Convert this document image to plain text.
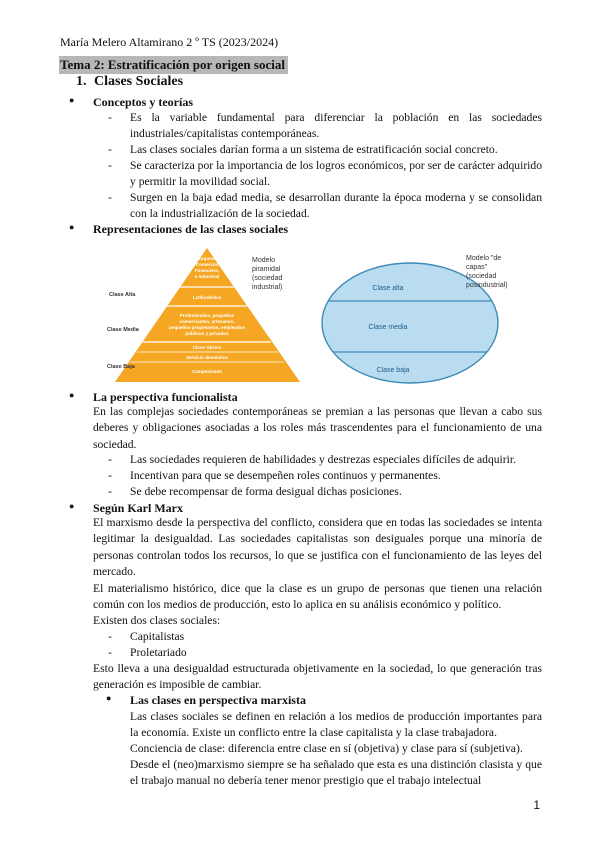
María Melero Altamirano 2 º TS (2023/2024)
Tema 2: Estratificación por origen social
1. Clases Sociales
● Conceptos y teorías
- Es la variable fundamental para diferenciar la población en las sociedades industriales/capitalistas contemporáneas.
- Las clases sociales darían forma a un sistema de estratificación social concreto.
- Se caracteriza por la importancia de los logros económicos, por ser de carácter adquirido y permitir la movilidad social.
- Surgen en la baja edad media, se desarrollan durante la época moderna y se consolidan con la industrialización de la sociedad.
● Representaciones de las clases sociales
Burguesía
Comercial
Financiera,
e industrial
Latifundistas
Profesionales, pequeños
comerciantes, artesanos,
pequeños propietarios, empleados
públicos y privados
Clase Obrera
Servicio doméstico
Campesinado
Clase Alta
Clase Media
Clase Baja
Modelo
piramidal
(sociedad
industrial)	Clase alta
Clase media
Clase baja
Modelo "de
capas"
(sociedad
posindustrial)
● La perspectiva funcionalista
En las complejas sociedades contemporáneas se premian a las personas que llevan a cabo sus deberes y obligaciones asociadas a los roles más trascendentes para el funcionamiento de una sociedad.
- Las sociedades requieren de habilidades y destrezas especiales difíciles de adquirir.
- Incentivan para que se desempeñen roles continuos y permanentes.
- Se debe recompensar de forma desigual dichas posiciones.
● Según Karl Marx
El marxismo desde la perspectiva del conflicto, considera que en todas las sociedades se intenta legitimar la desigualdad. Las sociedades capitalistas son desiguales porque una minoría de personas controlan todos los recursos, lo que se justifica con el funcionamiento de las leyes del mercado.
El materialismo histórico, dice que la clase es un grupo de personas que tienen una relación común con los medios de producción, esto lo aplica en su análisis económico y político.
Existen dos clases sociales:
- Capitalistas
- Proletariado
Esto lleva a una desigualdad estructurada objetivamente en la sociedad, lo que generación tras generación es imposible de cambiar.
● Las clases en perspectiva marxista
Las clases sociales se definen en relación a los medios de producción importantes para la economía. Existe un conflicto entre la clase capitalista y la clase trabajadora.
Conciencia de clase: diferencia entre clase en sí (objetiva) y clase para sí (subjetiva).
Desde el (neo)marxismo siempre se ha señalado que esta es una distinción clasista y que el trabajo manual no debería tener menor prestigio que el trabajo intelectual
1
